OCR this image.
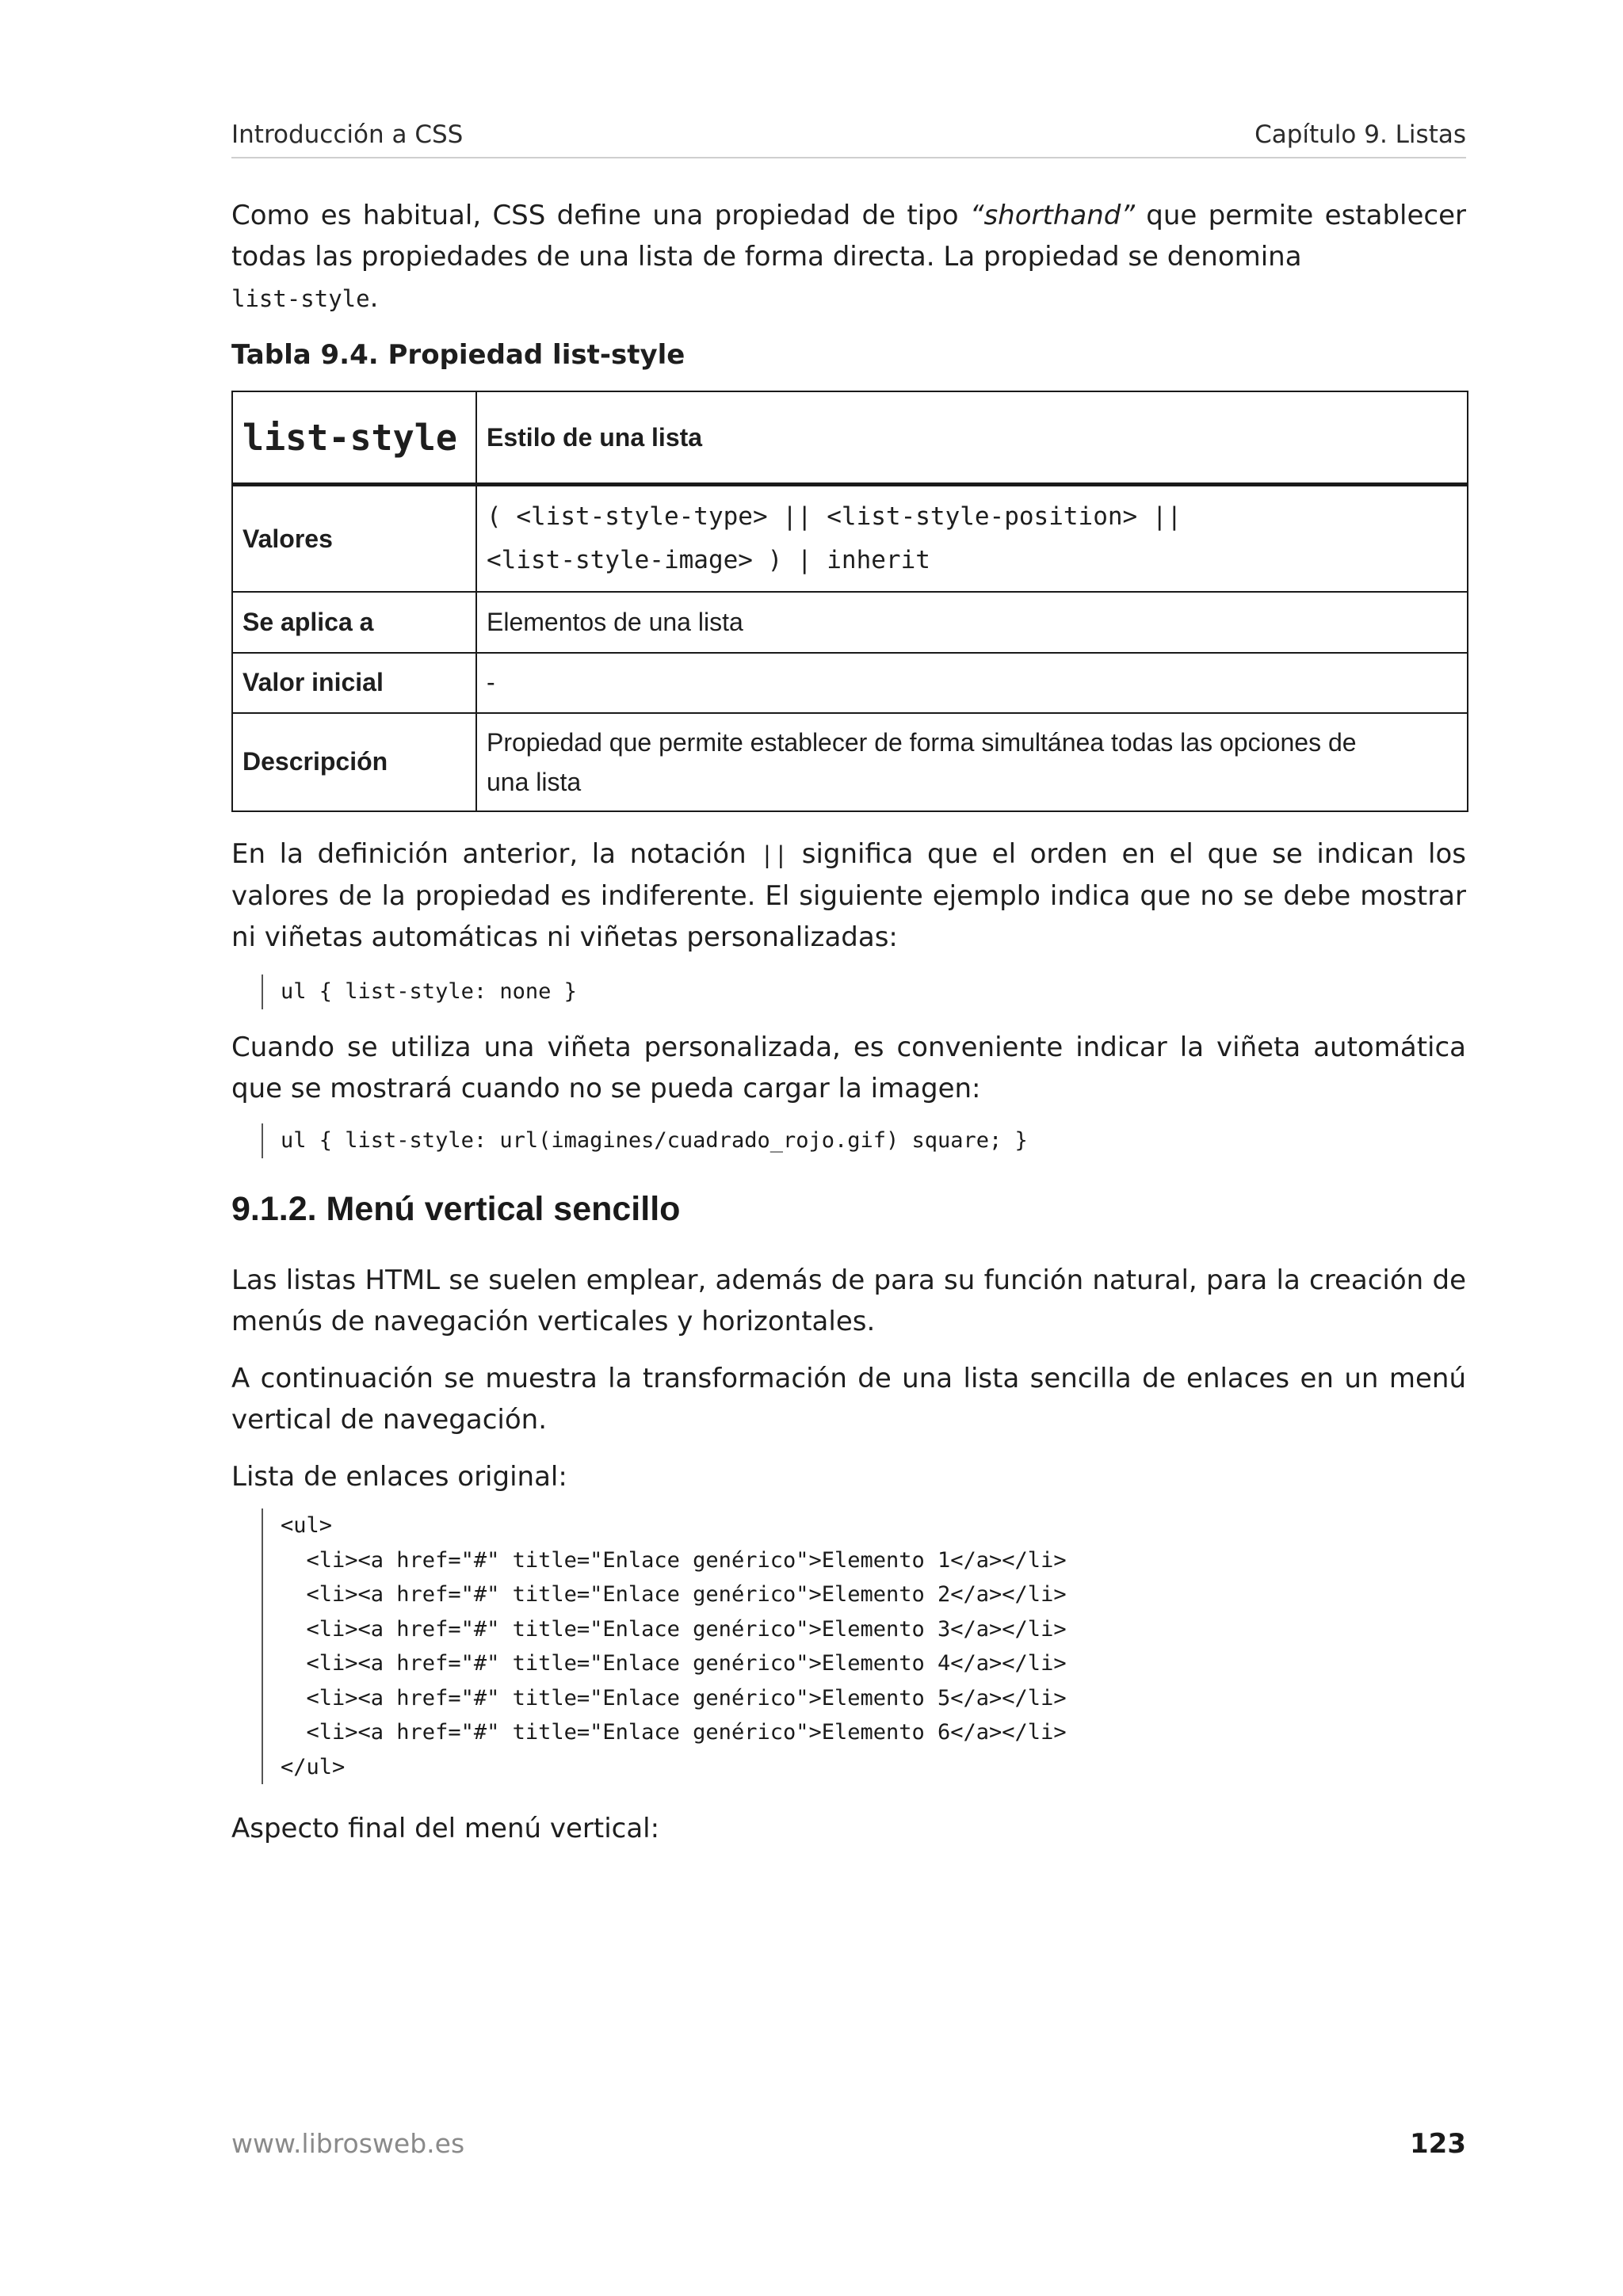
Introducción a CSS	Capítulo 9. Listas

Como es habitual, CSS define una propiedad de tipo “shorthand” que permite establecer todas las propiedades de una lista de forma directa. La propiedad se denomina
list-style.

Tabla 9.4. Propiedad list-style
list-style	Estilo de una lista
Valores	( <list-style-type> || <list-style-position> ||
<list-style-image> ) | inherit

Se aplica a	Elementos de una lista
Valor inicial	-
Descripción	Propiedad que permite establecer de forma simultánea todas las opciones de
una lista

En la definición anterior, la notación || significa que el orden en el que se indican los valores de la propiedad es indiferente. El siguiente ejemplo indica que no se debe mostrar ni viñetas automáticas ni viñetas personalizadas:

ul { list-style: none }

Cuando se utiliza una viñeta personalizada, es conveniente indicar la viñeta automática que se mostrará cuando no se pueda cargar la imagen:

ul { list-style: url(imagines/cuadrado_rojo.gif) square; }
9.1.2. Menú vertical sencillo

Las listas HTML se suelen emplear, además de para su función natural, para la creación de menús de navegación verticales y horizontales.

A continuación se muestra la transformación de una lista sencilla de enlaces en un menú vertical de navegación.

Lista de enlaces original:

<ul>
<li><a href="#" title="Enlace genérico">Elemento 1</a></li>
<li><a href="#" title="Enlace genérico">Elemento 2</a></li>
<li><a href="#" title="Enlace genérico">Elemento 3</a></li>
<li><a href="#" title="Enlace genérico">Elemento 4</a></li>
<li><a href="#" title="Enlace genérico">Elemento 5</a></li>
<li><a href="#" title="Enlace genérico">Elemento 6</a></li>
</ul>

Aspecto final del menú vertical:

www.librosweb.es	123
